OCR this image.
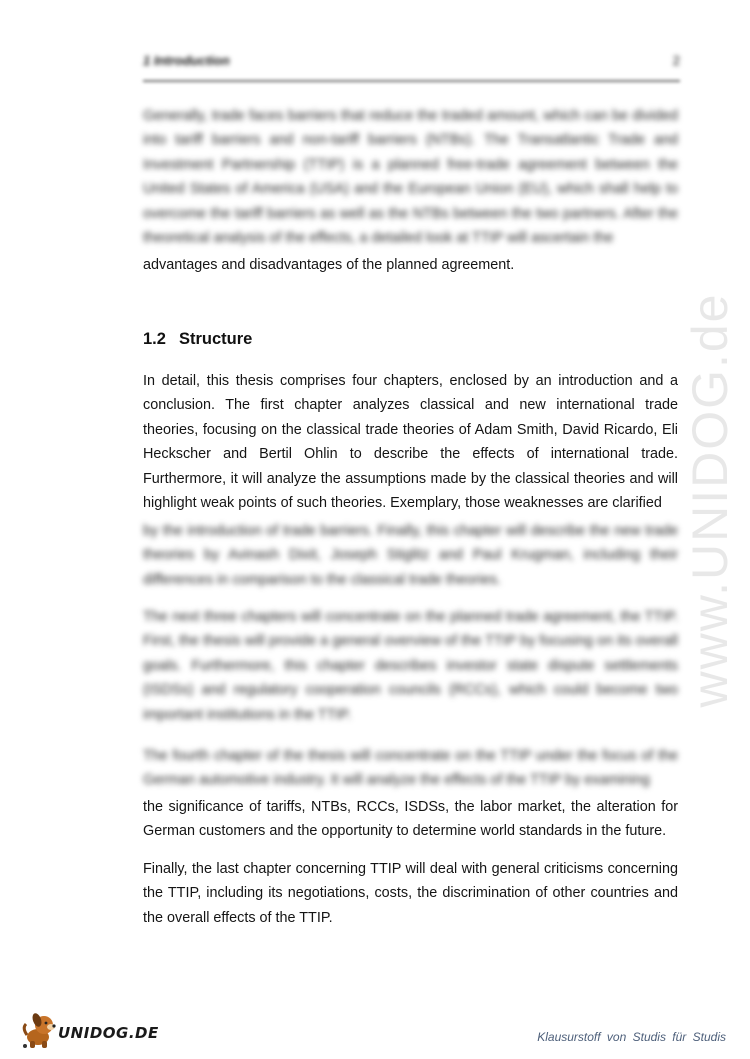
www.UNIDOG.de
1 Introduction	2

Generally, trade faces barriers that reduce the traded amount, which can be divided into tariff barriers and non-tariff barriers (NTBs). The Transatlantic Trade and Investment Partnership (TTIP) is a planned free-trade agreement between the United States of America (USA) and the European Union (EU), which shall help to overcome the tariff barriers as well as the NTBs between the two partners. After the theoretical analysis of the effects, a detailed look at TTIP will ascertain the

advantages and disadvantages of the planned agreement.

1.2 Structure

In detail, this thesis comprises four chapters, enclosed by an introduction and a conclusion. The first chapter analyzes classical and new international trade theories, focusing on the classical trade theories of Adam Smith, David Ricardo, Eli Heckscher and Bertil Ohlin to describe the effects of international trade. Furthermore, it will analyze the assumptions made by the classical theories and will highlight weak points of such theories. Exemplary, those weaknesses are clarified

by the introduction of trade barriers. Finally, this chapter will describe the new trade theories by Avinash Dixit, Joseph Stiglitz and Paul Krugman, including their differences in comparison to the classical trade theories.

The next three chapters will concentrate on the planned trade agreement, the TTIP. First, the thesis will provide a general overview of the TTIP by focusing on its overall goals. Furthermore, this chapter describes investor state dispute settlements (ISDSs) and regulatory cooperation councils (RCCs), which could become two important institutions in the TTIP.

The fourth chapter of the thesis will concentrate on the TTIP under the focus of the German automotive industry. It will analyze the effects of the TTIP by examining

the significance of tariffs, NTBs, RCCs, ISDSs, the labor market, the alteration for German customers and the opportunity to determine world standards in the future.

Finally, the last chapter concerning TTIP will deal with general criticisms concerning the TTIP, including its negotiations, costs, the discrimination of other countries and the overall effects of the TTIP.

UNIDOG.DE	Klausurstoff von Studis für Studis
